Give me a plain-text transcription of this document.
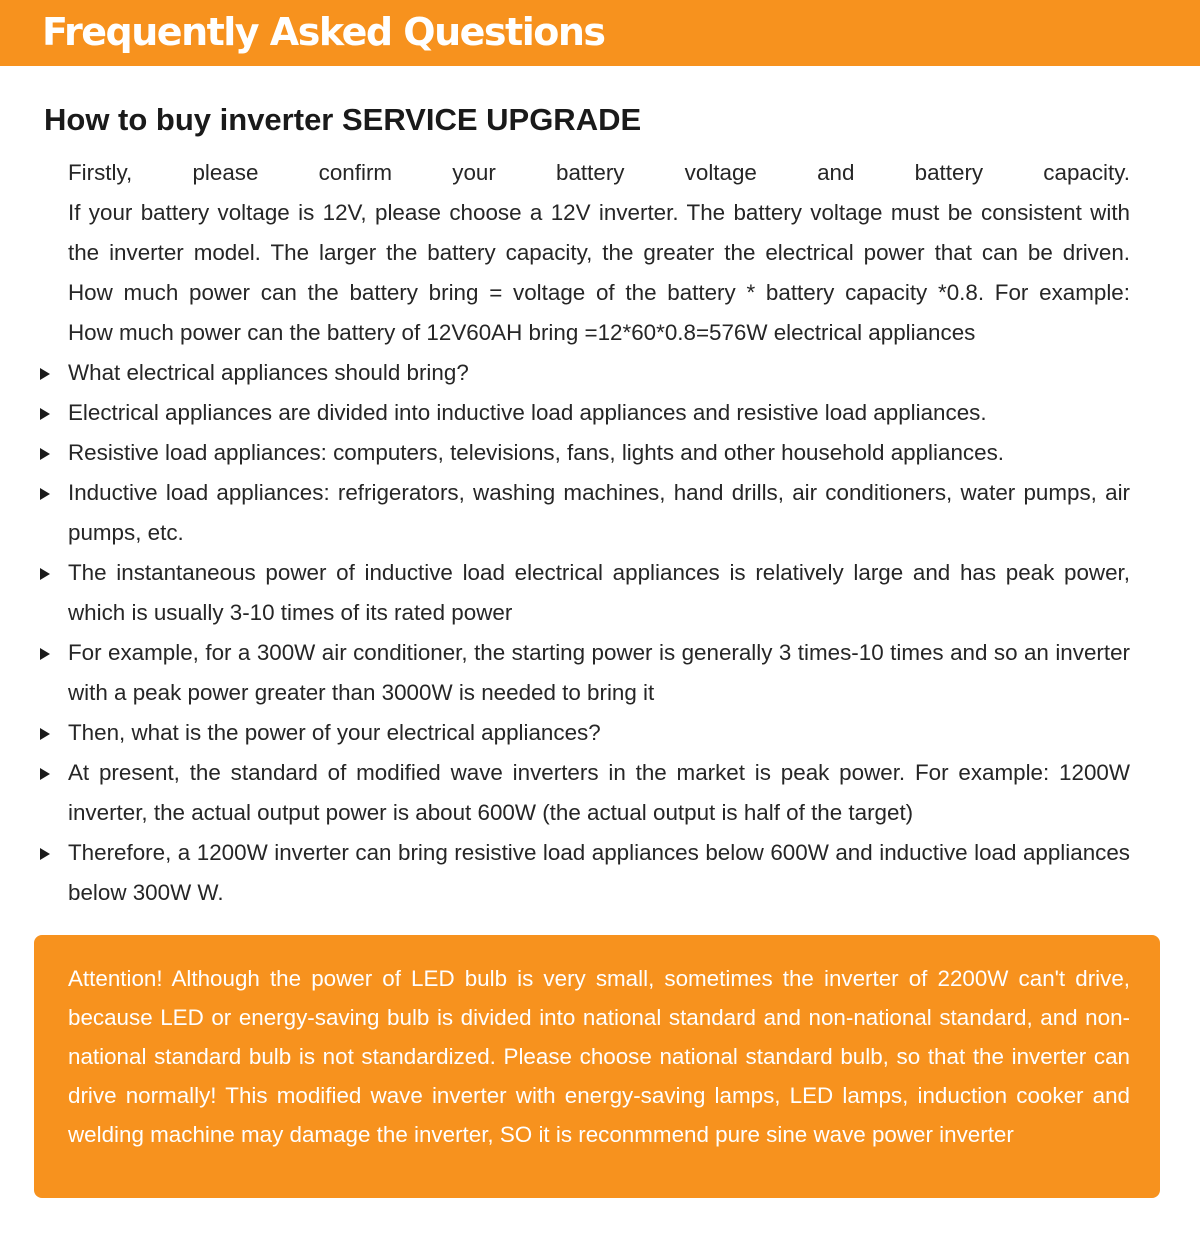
Frequently Asked Questions
How to buy inverter SERVICE UPGRADE
Firstly, please confirm your battery voltage and battery capacity.
If your battery voltage is 12V, please choose a 12V inverter. The battery voltage must be consistent with
the inverter model. The larger the battery capacity, the greater the electrical power that can be driven.
How much power can the battery bring = voltage of the battery * battery capacity *0.8. For example:
How much power can the battery of 12V60AH bring =12*60*0.8=576W electrical appliances
What electrical appliances should bring?
Electrical appliances are divided into inductive load appliances and resistive load appliances.
Resistive load appliances: computers, televisions, fans, lights and other household appliances.
Inductive load appliances: refrigerators, washing machines, hand drills, air conditioners, water pumps, air pumps, etc.
The instantaneous power of inductive load electrical appliances is relatively large and has peak power, which is usually 3-10 times of its rated power
For example, for a 300W air conditioner, the starting power is generally 3 times-10 times and so an inverter with a peak power greater than 3000W is needed to bring it
Then, what is the power of your electrical appliances?
At present, the standard of modified wave inverters in the market is peak power. For example: 1200W inverter, the actual output power is about 600W (the actual output is half of the target)
Therefore, a 1200W inverter can bring resistive load appliances below 600W and inductive load appliances below 300W W.
Attention! Although the power of LED bulb is very small, sometimes the inverter of 2200W can't drive, because LED or energy-saving bulb is divided into national standard and non-national standard, and non-national standard bulb is not standardized. Please choose national standard bulb, so that the inverter can drive normally! This modified wave inverter with energy-saving lamps, LED lamps, induction cooker and welding machine may damage the inverter, SO it is reconmmend pure sine wave power inverter
